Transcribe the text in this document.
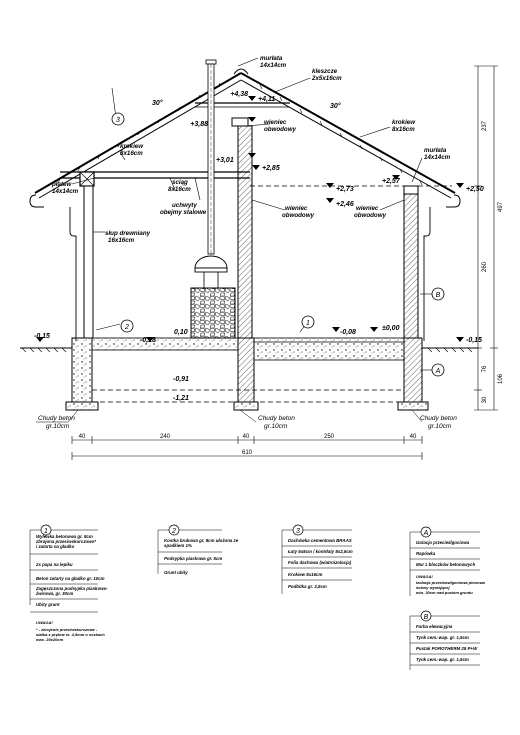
murłata 14x14cm
kleszcze 2x5x16cm
krokiew 8x16cm
murłata 14x14cm
krokiew 8x16cm
ściąg 8x16cm
uchwyty obejmy stalowe
słup drewniany 16x16cm
wieniec obwodowy
wieniec obwodowy
wieniec obwodowy
płatew 14x14cm
+4,38
+4,11
+3,88
+3,01
+2,85
+2,73
+2,46
+2,57
+2,50
-0,15
-0,18
0,10	-0,08
±0,00
-0,15
-0,91
-1,21
30°	30°
1
2
3
A
B
Chudy beton
gr.10cm
Chudy beton
gr.10cm
Chudy beton
gr.10cm
40	240	40	250	40
610
237
497
260
76
106
30
1
Wylewka betonowa gr. 8cm
zbrojona przeciwskurczowo*
i zatarta na gładko
2x papa na lepiku
Beton zatarty na gładko gr. 10cm
Zagęszczona podsypka piaskowo-
żwirowa, gr. 30cm
Ubity grunt
UWAGA!
* - zbrojenie przeciwskurczowe -
siatka z prętów śr. 4,5mm o oczkach
max. 20x20cm
2
Kostka brukowa gr. 8cm ułożona ze
spadkiem 1%
Podsypka piaskowa gr. 5cm
Grunt ubity
3
Dachówka cementowa BRAAS
Łaty 5x5cm / kontrłaty 8x2,5cm
Folia dachowa (wiatroizolacja)
Krokiew 8x16cm
Podbitka gr. 2,5cm
A
Izolacja przeciwilgociowa
Rapówka
Mur z bloczków betonowych
UWAGA!
Izolacja przeciwwilgociowa pionowa
ściany wystającej
min. 30cm nad poziom gruntu
B
Farba elewacyjna
Tynk cem.-wap. gr. 1,5cm
Pustak POROTHERM 25 P+W
Tynk cem.-wap. gr. 1,5cm
